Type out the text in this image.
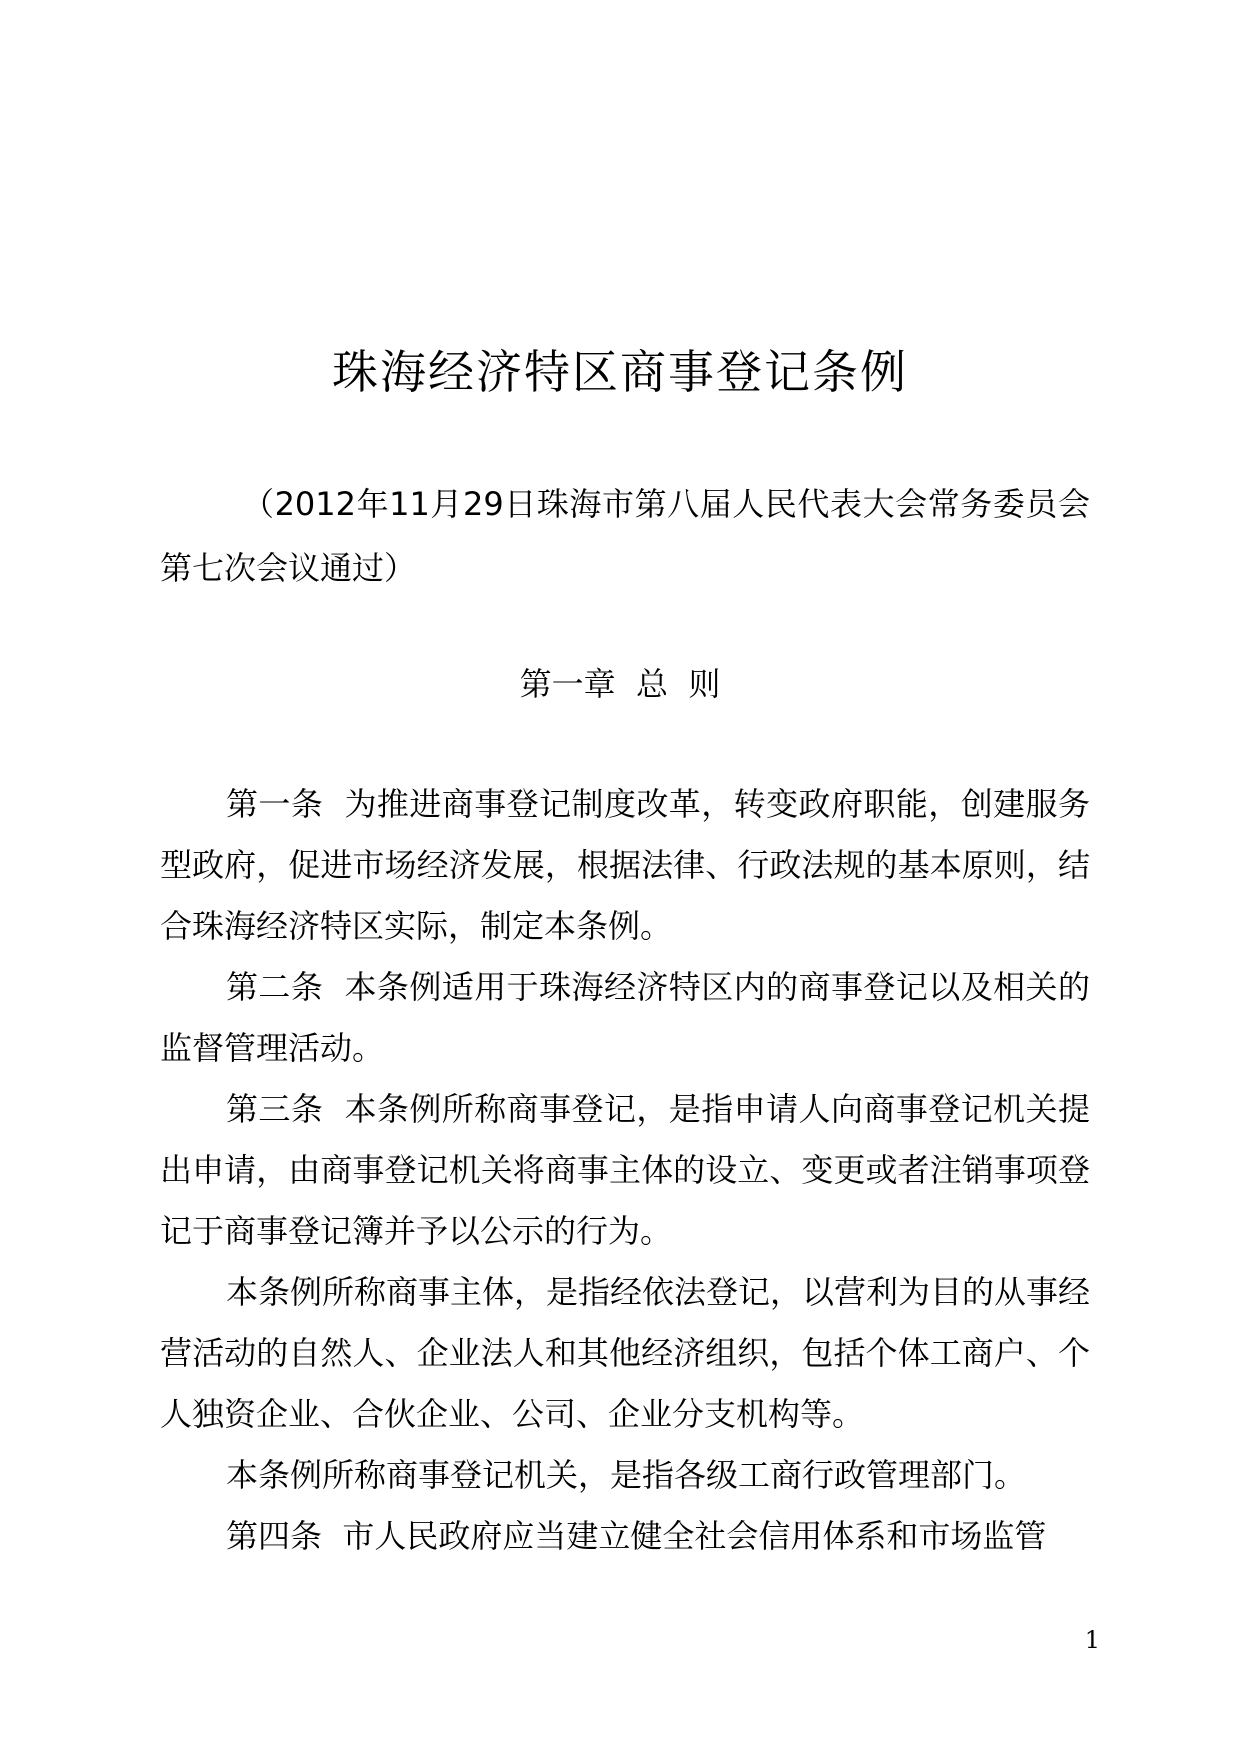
珠海经济特区商事登记条例
（2012年11月29日珠海市第八届人民代表大会常务委员会第七次会议通过）
第一章  总  则

第一条  为推进商事登记制度改革，转变政府职能，创建服务型政府，促进市场经济发展，根据法律、行政法规的基本原则，结合珠海经济特区实际，制定本条例。

第二条  本条例适用于珠海经济特区内的商事登记以及相关的监督管理活动。

第三条  本条例所称商事登记，是指申请人向商事登记机关提出申请，由商事登记机关将商事主体的设立、变更或者注销事项登记于商事登记簿并予以公示的行为。

本条例所称商事主体，是指经依法登记，以营利为目的从事经营活动的自然人、企业法人和其他经济组织，包括个体工商户、个人独资企业、合伙企业、公司、企业分支机构等。

本条例所称商事登记机关，是指各级工商行政管理部门。

第四条  市人民政府应当建立健全社会信用体系和市场监管

1
